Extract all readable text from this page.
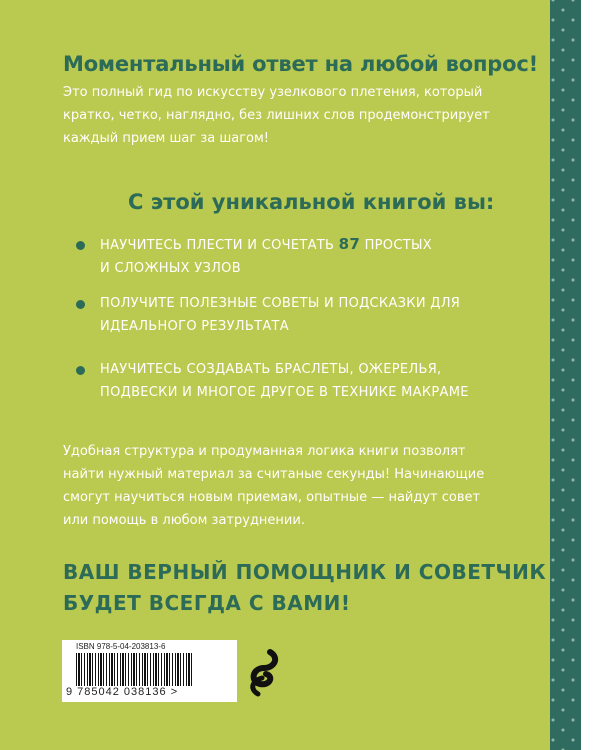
Моментальный ответ на любой вопрос!
Это полный гид по искусству узелкового плетения, который
кратко, четко, наглядно, без лишних слов продемонстрирует
каждый прием шаг за шагом!
С этой уникальной книгой вы:
НАУЧИТЕСЬ ПЛЕСТИ И СОЧЕТАТЬ 87 ПРОСТЫХ
И СЛОЖНЫХ УЗЛОВ
ПОЛУЧИТЕ ПОЛЕЗНЫЕ СОВЕТЫ И ПОДСКАЗКИ ДЛЯ
ИДЕАЛЬНОГО РЕЗУЛЬТАТА
НАУЧИТЕСЬ СОЗДАВАТЬ БРАСЛЕТЫ, ОЖЕРЕЛЬЯ,
ПОДВЕСКИ И МНОГОЕ ДРУГОЕ В ТЕХНИКЕ МАКРАМЕ
Удобная структура и продуманная логика книги позволят
найти нужный материал за считаные секунды! Начинающие
смогут научиться новым приемам, опытные — найдут совет
или помощь в любом затруднении.
ВАШ ВЕРНЫЙ ПОМОЩНИК И СОВЕТЧИК
БУДЕТ ВСЕГДА С ВАМИ!
ISBN 978-5-04-203813-6
9 785042 038136 >
